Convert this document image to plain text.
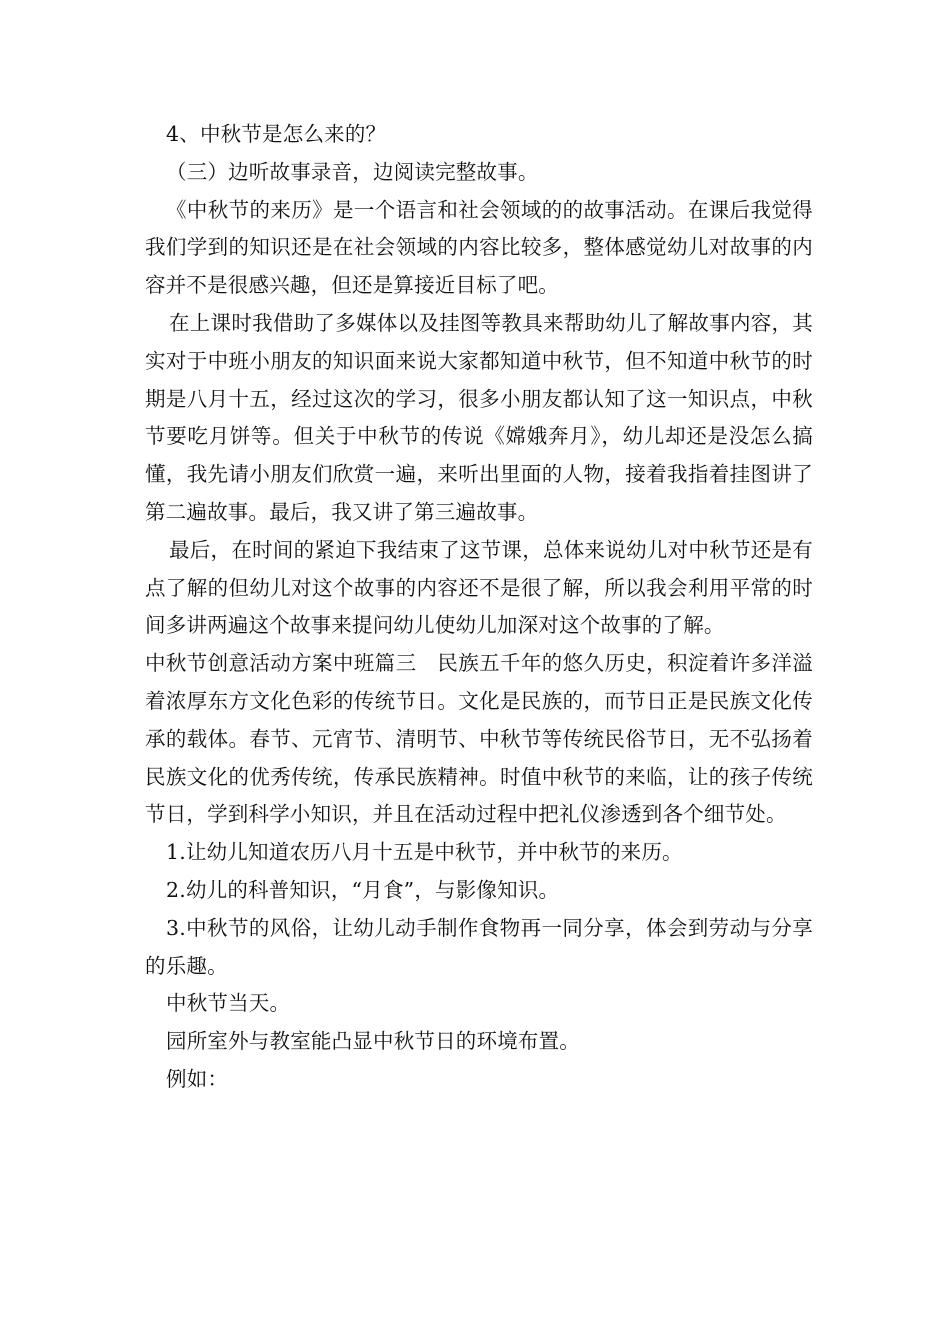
4、中秋节是怎么来的？

（三）边听故事录音，边阅读完整故事。

《中秋节的来历》是一个语言和社会领域的的故事活动。在课后我觉得我们学到的知识还是在社会领域的内容比较多，整体感觉幼儿对故事的内容并不是很感兴趣，但还是算接近目标了吧。

在上课时我借助了多媒体以及挂图等教具来帮助幼儿了解故事内容，其实对于中班小朋友的知识面来说大家都知道中秋节，但不知道中秋节的时期是八月十五，经过这次的学习，很多小朋友都认知了这一知识点，中秋节要吃月饼等。但关于中秋节的传说《嫦娥奔月》，幼儿却还是没怎么搞懂，我先请小朋友们欣赏一遍，来听出里面的人物，接着我指着挂图讲了第二遍故事。最后，我又讲了第三遍故事。

最后，在时间的紧迫下我结束了这节课，总体来说幼儿对中秋节还是有点了解的但幼儿对这个故事的内容还不是很了解，所以我会利用平常的时间多讲两遍这个故事来提问幼儿使幼儿加深对这个故事的了解。

中秋节创意活动方案中班篇三　民族五千年的悠久历史，积淀着许多洋溢着浓厚东方文化色彩的传统节日。文化是民族的，而节日正是民族文化传承的载体。春节、元宵节、清明节、中秋节等传统民俗节日，无不弘扬着民族文化的优秀传统，传承民族精神。时值中秋节的来临，让的孩子传统节日，学到科学小知识，并且在活动过程中把礼仪渗透到各个细节处。

1.让幼儿知道农历八月十五是中秋节，并中秋节的来历。

2.幼儿的科普知识，“月食”，与影像知识。

3.中秋节的风俗，让幼儿动手制作食物再一同分享，体会到劳动与分享的乐趣。

中秋节当天。

园所室外与教室能凸显中秋节日的环境布置。

例如：
